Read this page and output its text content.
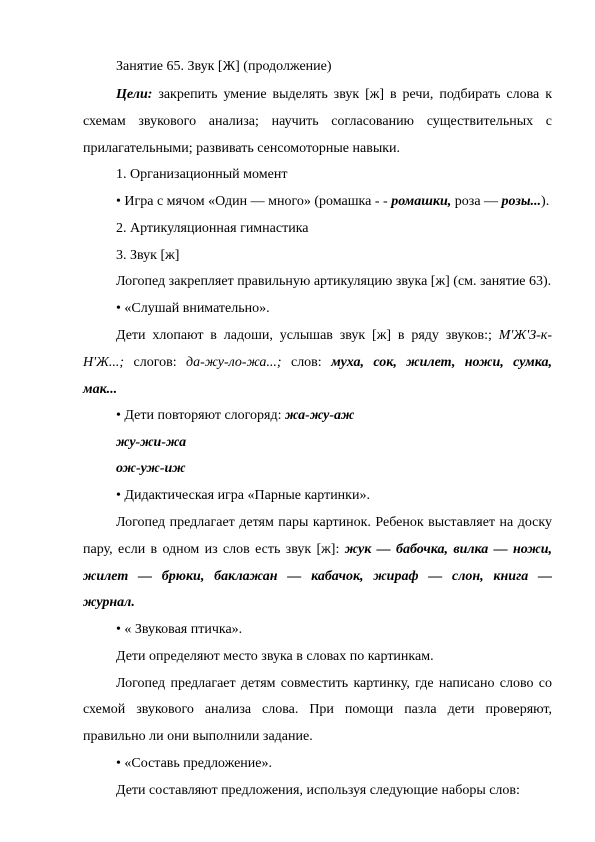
Занятие 65. Звук [Ж] (продолжение)
Цели: закрепить умение выделять звук [ж] в речи, подбирать слова к
схемам звукового анализа; научить согласованию существительных с
прилагательными; развивать сенсомоторные навыки.
1. Организационный момент
• Игра с мячом «Один — много» (ромашка - - ромашки, роза — розы...).
2. Артикуляционная гимнастика
3. Звук [ж]
Логопед закрепляет правильную артикуляцию звука [ж] (см. занятие 63).
• «Слушай внимательно».
Дети хлопают в ладоши, услышав звук [ж] в ряду звуков:; М'Ж'З-к-
Н'Ж...; слогов: да-жу-ло-жа...; слов: муха, сок, жилет, ножи, сумка,
мак...
• Дети повторяют слогоряд: жа-жу-аж
жу-жи-жа
ож-уж-иж
• Дидактическая игра «Парные картинки».
Логопед предлагает детям пары картинок. Ребенок выставляет на доску
пару, если в одном из слов есть звук [ж]: жук — бабочка, вилка — ножи,
жилет — брюки, баклажан — кабачок, жираф — слон, книга —
журнал.
• « Звуковая птичка».
Дети определяют место звука в словах по картинкам.
Логопед предлагает детям совместить картинку, где написано слово со
схемой звукового анализа слова. При помощи пазла дети проверяют,
правильно ли они выполнили задание.
• «Составь предложение».
Дети составляют предложения, используя следующие наборы слов:
